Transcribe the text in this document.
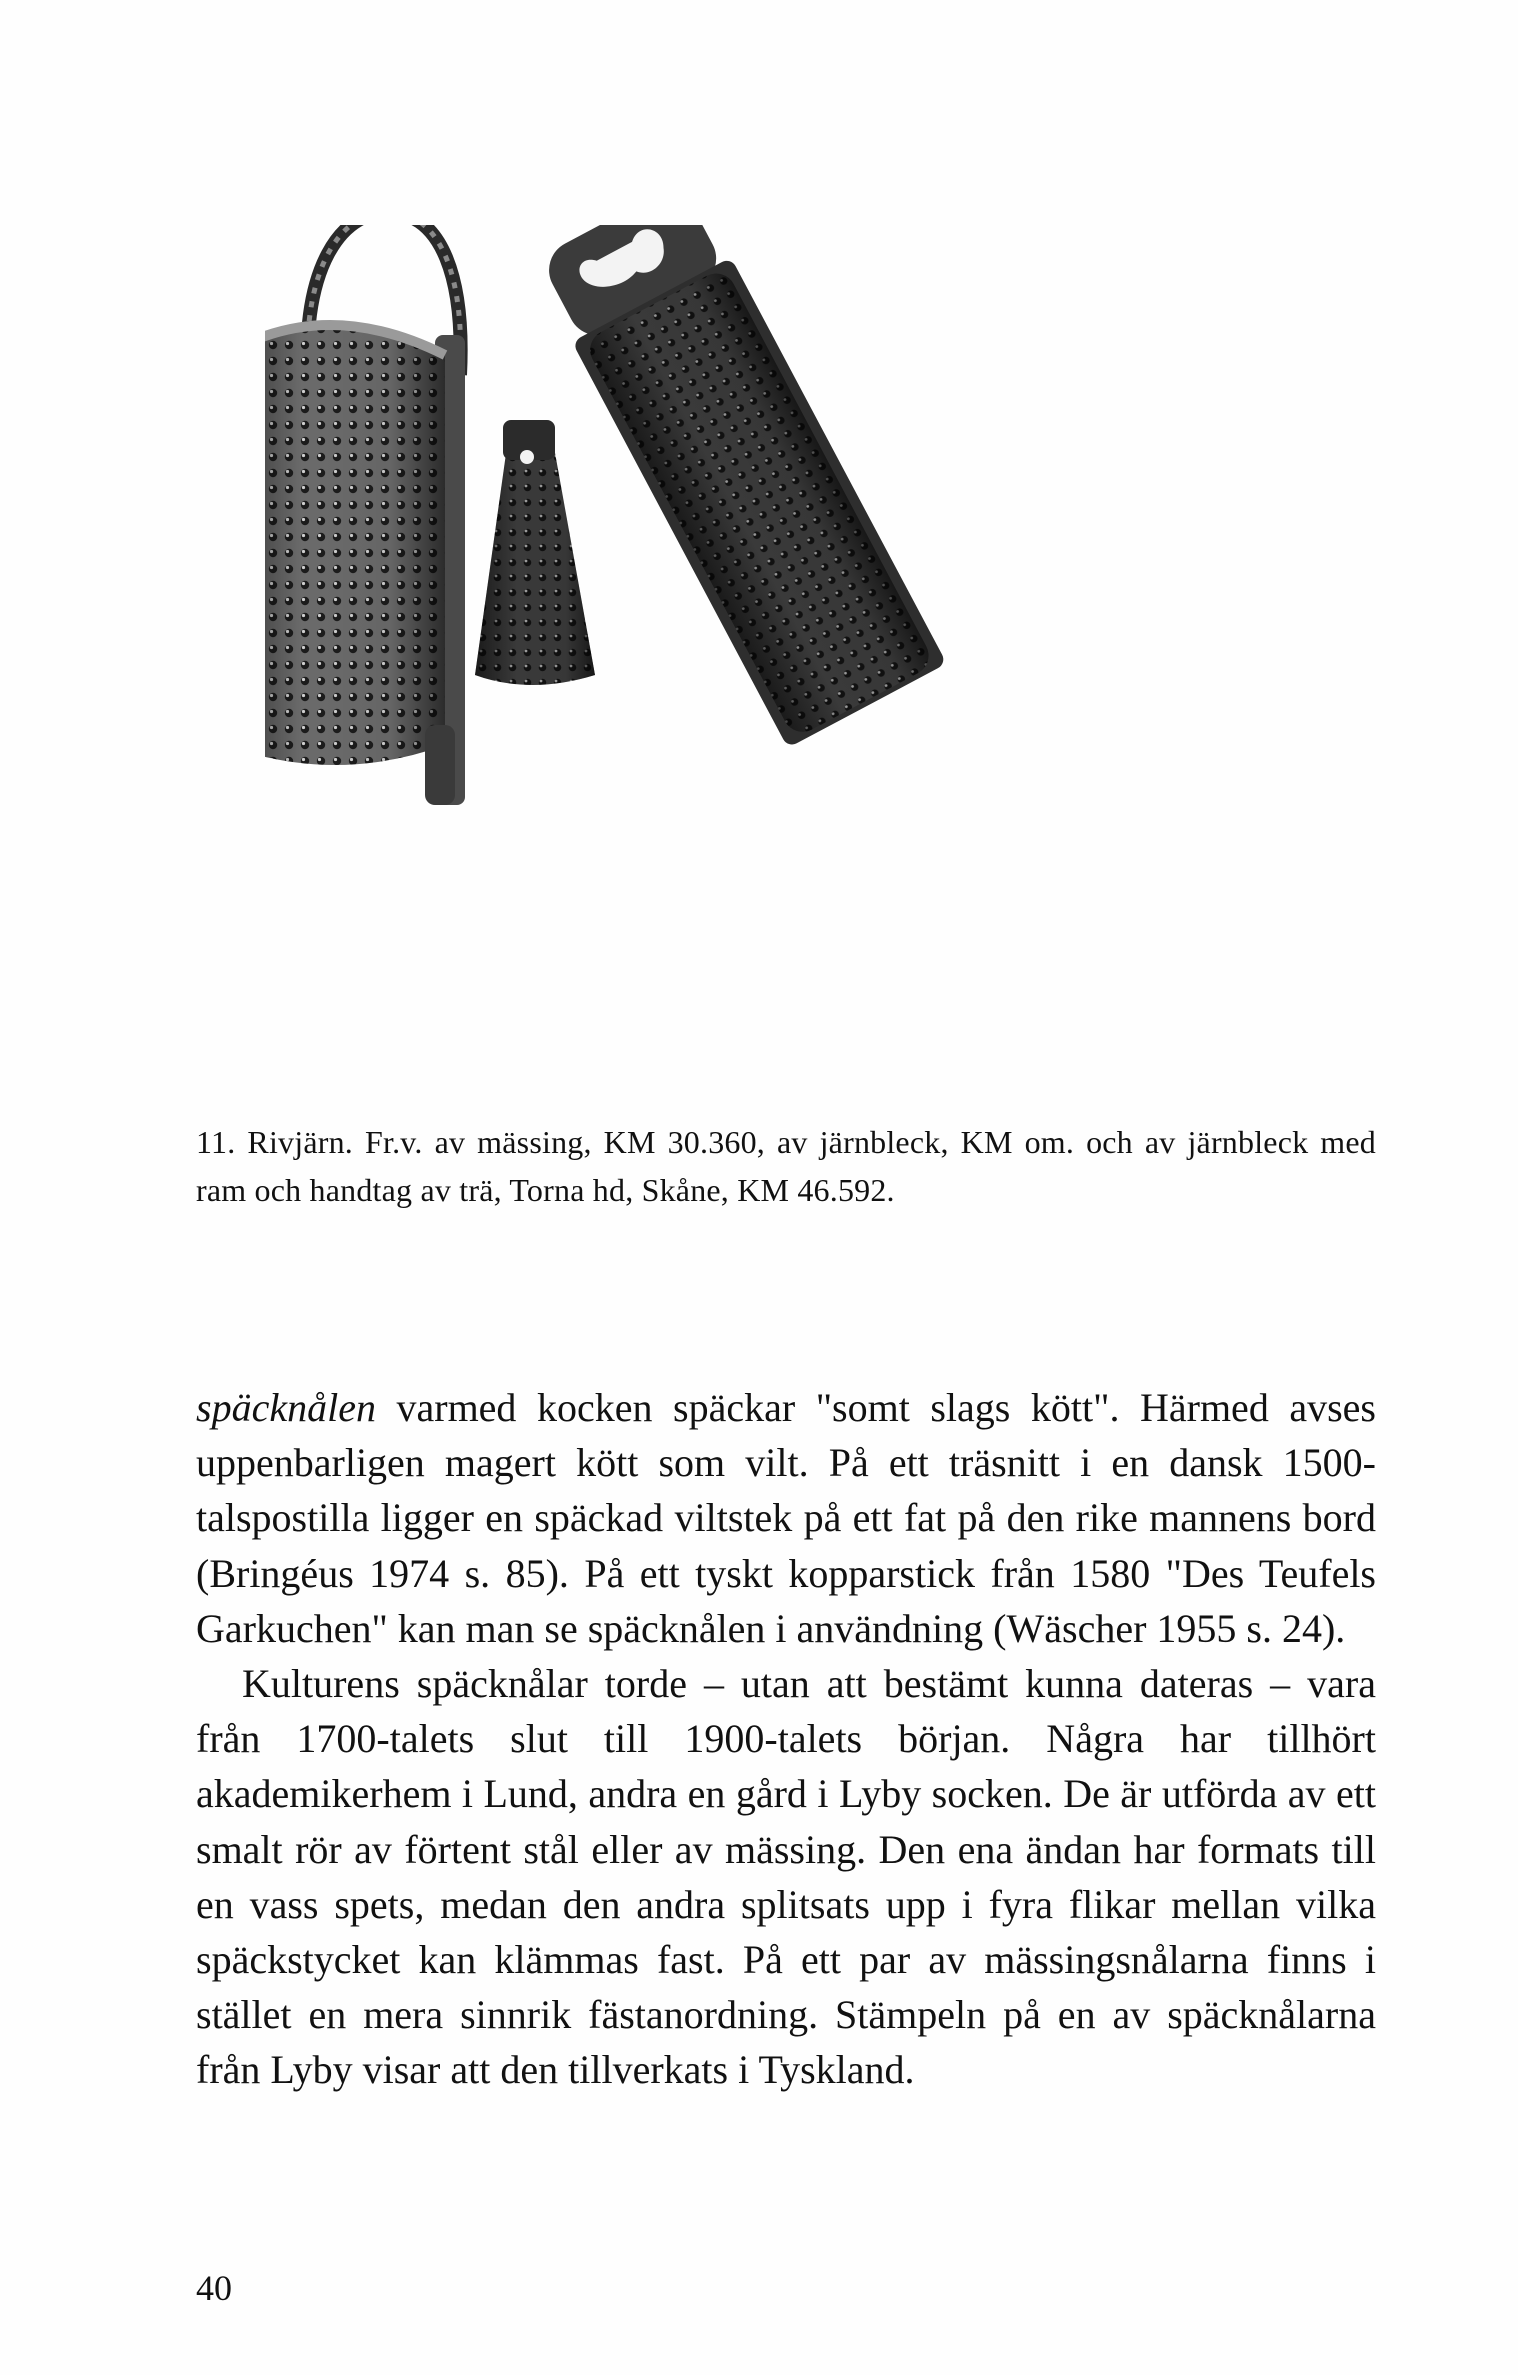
11. Rivjärn. Fr.v. av mässing, KM 30.360, av järnbleck, KM om. och av järnbleck med ram och handtag av trä, Torna hd, Skåne, KM 46.592.

späcknålen varmed kocken späckar "somt slags kött". Härmed avses uppenbarligen magert kött som vilt. På ett träsnitt i en dansk 1500-talspostilla ligger en späckad viltstek på ett fat på den rike mannens bord (Bringéus 1974 s. 85). På ett tyskt kopparstick från 1580 "Des Teufels Garkuchen" kan man se späcknålen i användning (Wäscher 1955 s. 24).

Kulturens späcknålar torde – utan att bestämt kunna dateras – vara från 1700-talets slut till 1900-talets början. Några har tillhört akademikerhem i Lund, andra en gård i Lyby socken. De är utförda av ett smalt rör av förtent stål eller av mässing. Den ena ändan har formats till en vass spets, medan den andra splitsats upp i fyra flikar mellan vilka späckstycket kan klämmas fast. På ett par av mässingsnålarna finns i stället en mera sinnrik fästanordning. Stämpeln på en av späcknålarna från Lyby visar att den tillverkats i Tyskland.

40
